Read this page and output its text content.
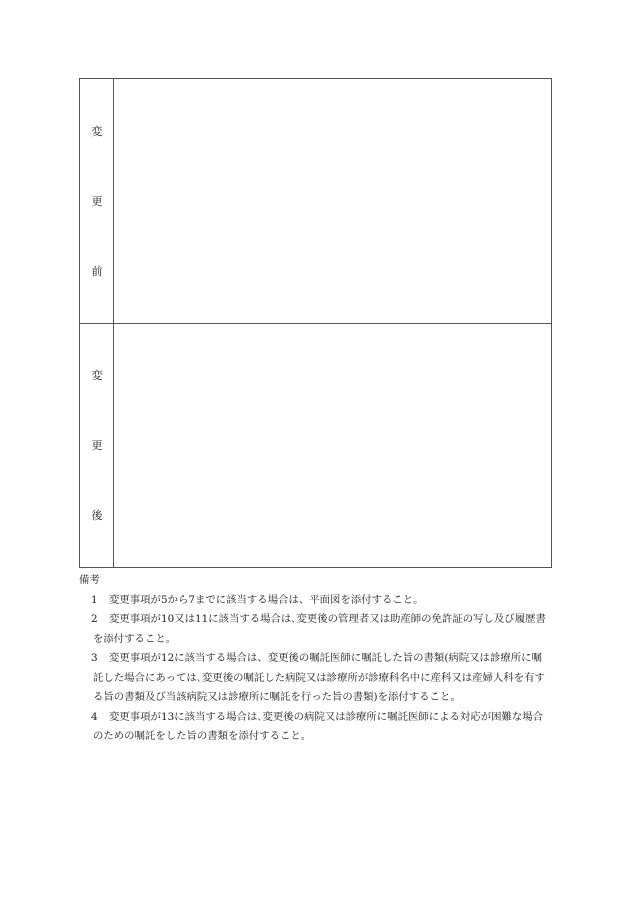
変
更
前
変
更
後

備考

1 変更事項が5から7までに該当する場合は、平面図を添付すること。

2 変更事項が10又は11に該当する場合は､変更後の管理者又は助産師の免許証の写し及び履歴書を添付すること。

3 変更事項が12に該当する場合は、変更後の嘱託医師に嘱託した旨の書類(病院又は診療所に嘱託した場合にあっては､変更後の嘱託した病院又は診療所が診療科名中に産科又は産婦人科を有する旨の書類及び当該病院又は診療所に嘱託を行った旨の書類)を添付すること。

4 変更事項が13に該当する場合は､変更後の病院又は診療所に嘱託医師による対応が困難な場合のための嘱託をした旨の書類を添付すること。
